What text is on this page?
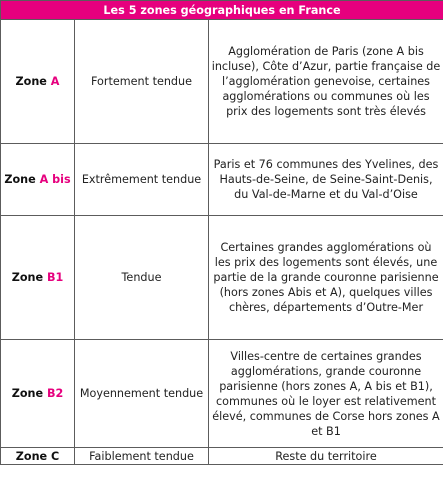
Les 5 zones géographiques en France		
Zone A	Fortement tendue	Agglomération de Paris (zone A bis incluse), Côte d’Azur, partie française de l’agglomération genevoise, certaines agglomérations ou communes où les prix des logements sont très élevés
Zone A bis	Extrêmement tendue	Paris et 76 communes des Yvelines, des Hauts-de-Seine, de Seine-Saint-Denis, du Val-de-Marne et du Val-d’Oise
Zone B1	Tendue	Certaines grandes agglomérations où les prix des logements sont élevés, une partie de la grande couronne parisienne (hors zones Abis et A), quelques villes chères, départements d’Outre-Mer
Zone B2	Moyennement tendue	Villes-centre de certaines grandes agglomérations, grande couronne parisienne (hors zones A, A bis et B1), communes où le loyer est relativement élevé, communes de Corse hors zones A et B1
Zone C	Faiblement tendue	Reste du territoire
